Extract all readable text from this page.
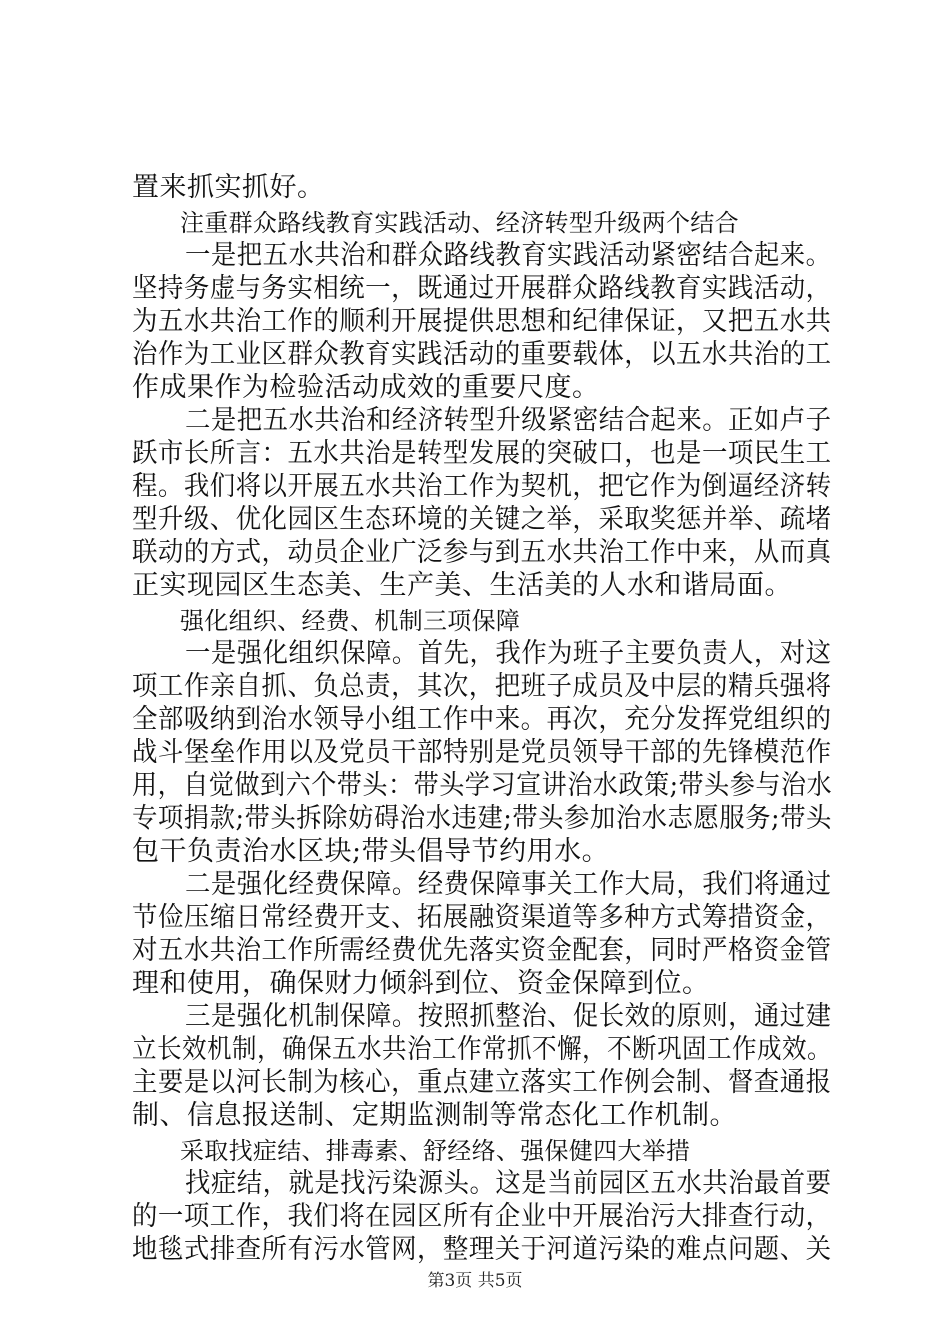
置来抓实抓好。
注重群众路线教育实践活动、经济转型升级两个结合
一是把五水共治和群众路线教育实践活动紧密结合起来。
坚持务虚与务实相统一，既通过开展群众路线教育实践活动，
为五水共治工作的顺利开展提供思想和纪律保证，又把五水共
治作为工业区群众教育实践活动的重要载体，以五水共治的工
作成果作为检验活动成效的重要尺度。
二是把五水共治和经济转型升级紧密结合起来。正如卢子
跃市长所言：五水共治是转型发展的突破口，也是一项民生工
程。我们将以开展五水共治工作为契机，把它作为倒逼经济转
型升级、优化园区生态环境的关键之举，采取奖惩并举、疏堵
联动的方式，动员企业广泛参与到五水共治工作中来，从而真
正实现园区生态美、生产美、生活美的人水和谐局面。
强化组织、经费、机制三项保障
一是强化组织保障。首先，我作为班子主要负责人，对这
项工作亲自抓、负总责，其次，把班子成员及中层的精兵强将
全部吸纳到治水领导小组工作中来。再次，充分发挥党组织的
战斗堡垒作用以及党员干部特别是党员领导干部的先锋模范作
用，自觉做到六个带头：带头学习宣讲治水政策;带头参与治水
专项捐款;带头拆除妨碍治水违建;带头参加治水志愿服务;带头
包干负责治水区块;带头倡导节约用水。
二是强化经费保障。经费保障事关工作大局，我们将通过
节俭压缩日常经费开支、拓展融资渠道等多种方式筹措资金，
对五水共治工作所需经费优先落实资金配套，同时严格资金管
理和使用，确保财力倾斜到位、资金保障到位。
三是强化机制保障。按照抓整治、促长效的原则，通过建
立长效机制，确保五水共治工作常抓不懈，不断巩固工作成效。
主要是以河长制为核心，重点建立落实工作例会制、督查通报
制、信息报送制、定期监测制等常态化工作机制。
采取找症结、排毒素、舒经络、强保健四大举措
找症结，就是找污染源头。这是当前园区五水共治最首要
的一项工作，我们将在园区所有企业中开展治污大排查行动，
地毯式排查所有污水管网，整理关于河道污染的难点问题、关
第3页 共5页
